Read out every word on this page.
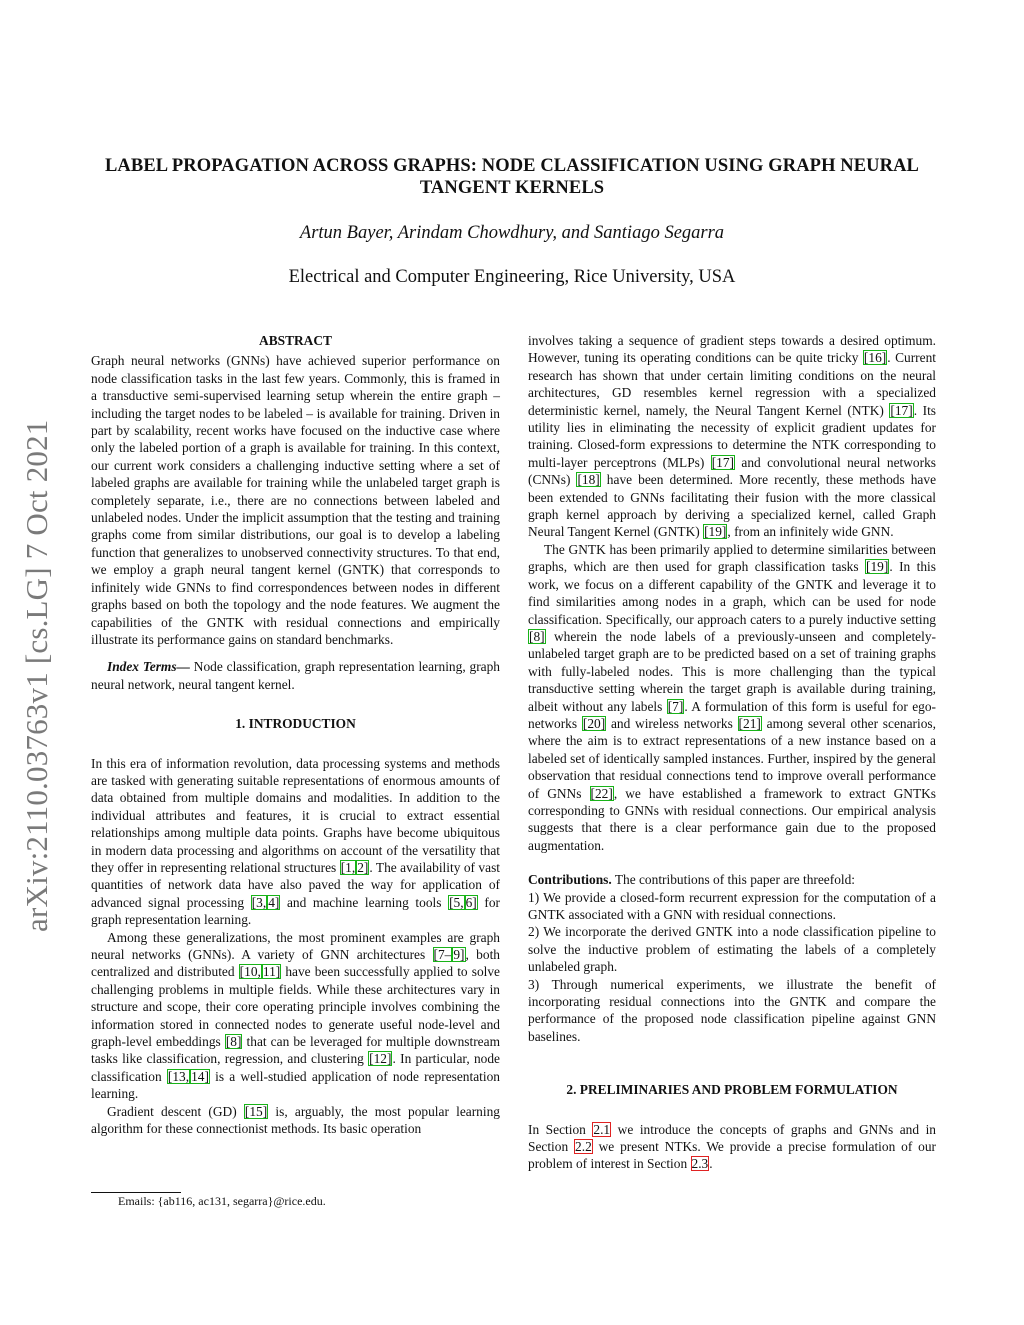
arXiv:2110.03763v1 [cs.LG] 7 Oct 2021
LABEL PROPAGATION ACROSS GRAPHS: NODE CLASSIFICATION USING GRAPH NEURAL TANGENT KERNELS
Artun Bayer, Arindam Chowdhury, and Santiago Segarra
Electrical and Computer Engineering, Rice University, USA
ABSTRACT

Graph neural networks (GNNs) have achieved superior performance on node classification tasks in the last few years. Commonly, this is framed in a transductive semi-supervised learning setup wherein the entire graph – including the target nodes to be labeled – is available for training. Driven in part by scalability, recent works have focused on the inductive case where only the labeled portion of a graph is available for training. In this context, our current work considers a challenging inductive setting where a set of labeled graphs are available for training while the unlabeled target graph is completely separate, i.e., there are no connections between labeled and unlabeled nodes. Under the implicit assumption that the testing and training graphs come from similar distributions, our goal is to develop a labeling function that generalizes to unobserved connectivity structures. To that end, we employ a graph neural tangent kernel (GNTK) that corresponds to infinitely wide GNNs to find correspondences between nodes in different graphs based on both the topology and the node features. We augment the capabilities of the GNTK with residual connections and empirically illustrate its performance gains on standard benchmarks.

Index Terms— Node classification, graph representation learning, graph neural network, neural tangent kernel.

1. INTRODUCTION

In this era of information revolution, data processing systems and methods are tasked with generating suitable representations of enormous amounts of data obtained from multiple domains and modalities. In addition to the individual attributes and features, it is crucial to extract essential relationships among multiple data points. Graphs have become ubiquitous in modern data processing and algorithms on account of the versatility that they offer in representing relational structures [1, 2]. The availability of vast quantities of network data have also paved the way for application of advanced signal processing [3, 4] and machine learning tools [5, 6] for graph representation learning.

Among these generalizations, the most prominent examples are graph neural networks (GNNs). A variety of GNN architectures [7– 9], both centralized and distributed [10, 11] have been successfully applied to solve challenging problems in multiple fields. While these architectures vary in structure and scope, their core operating principle involves combining the information stored in connected nodes to generate useful node-level and graph-level embeddings [8] that can be leveraged for multiple downstream tasks like classification, regression, and clustering [12]. In particular, node classification [13, 14] is a well-studied application of node representation learning.

Gradient descent (GD) [15] is, arguably, the most popular learning algorithm for these connectionist methods. Its basic operation

involves taking a sequence of gradient steps towards a desired optimum. However, tuning its operating conditions can be quite tricky [16]. Current research has shown that under certain limiting conditions on the neural architectures, GD resembles kernel regression with a specialized deterministic kernel, namely, the Neural Tangent Kernel (NTK) [17]. Its utility lies in eliminating the necessity of explicit gradient updates for training. Closed-form expressions to determine the NTK corresponding to multi-layer perceptrons (MLPs) [17] and convolutional neural networks (CNNs) [18] have been determined. More recently, these methods have been extended to GNNs facilitating their fusion with the more classical graph kernel approach by deriving a specialized kernel, called Graph Neural Tangent Kernel (GNTK) [19], from an infinitely wide GNN.

The GNTK has been primarily applied to determine similarities between graphs, which are then used for graph classification tasks [19]. In this work, we focus on a different capability of the GNTK and leverage it to find similarities among nodes in a graph, which can be used for node classification. Specifically, our approach caters to a purely inductive setting [8] wherein the node labels of a previously-unseen and completely-unlabeled target graph are to be predicted based on a set of training graphs with fully-labeled nodes. This is more challenging than the typical transductive setting wherein the target graph is available during training, albeit without any labels [7]. A formulation of this form is useful for ego-networks [20] and wireless networks [21] among several other scenarios, where the aim is to extract representations of a new instance based on a labeled set of identically sampled instances. Further, inspired by the general observation that residual connections tend to improve overall performance of GNNs [22], we have established a framework to extract GNTKs corresponding to GNNs with residual connections. Our empirical analysis suggests that there is a clear performance gain due to the proposed augmentation.

Contributions. The contributions of this paper are threefold:

1) We provide a closed-form recurrent expression for the computation of a GNTK associated with a GNN with residual connections.

2) We incorporate the derived GNTK into a node classification pipeline to solve the inductive problem of estimating the labels of a completely unlabeled graph.

3) Through numerical experiments, we illustrate the benefit of incorporating residual connections into the GNTK and compare the performance of the proposed node classification pipeline against GNN baselines.

2. PRELIMINARIES AND PROBLEM FORMULATION

In Section 2.1 we introduce the concepts of graphs and GNNs and in Section 2.2 we present NTKs. We provide a precise formulation of our problem of interest in Section 2.3.

Emails: {ab116, ac131, segarra}@rice.edu.
